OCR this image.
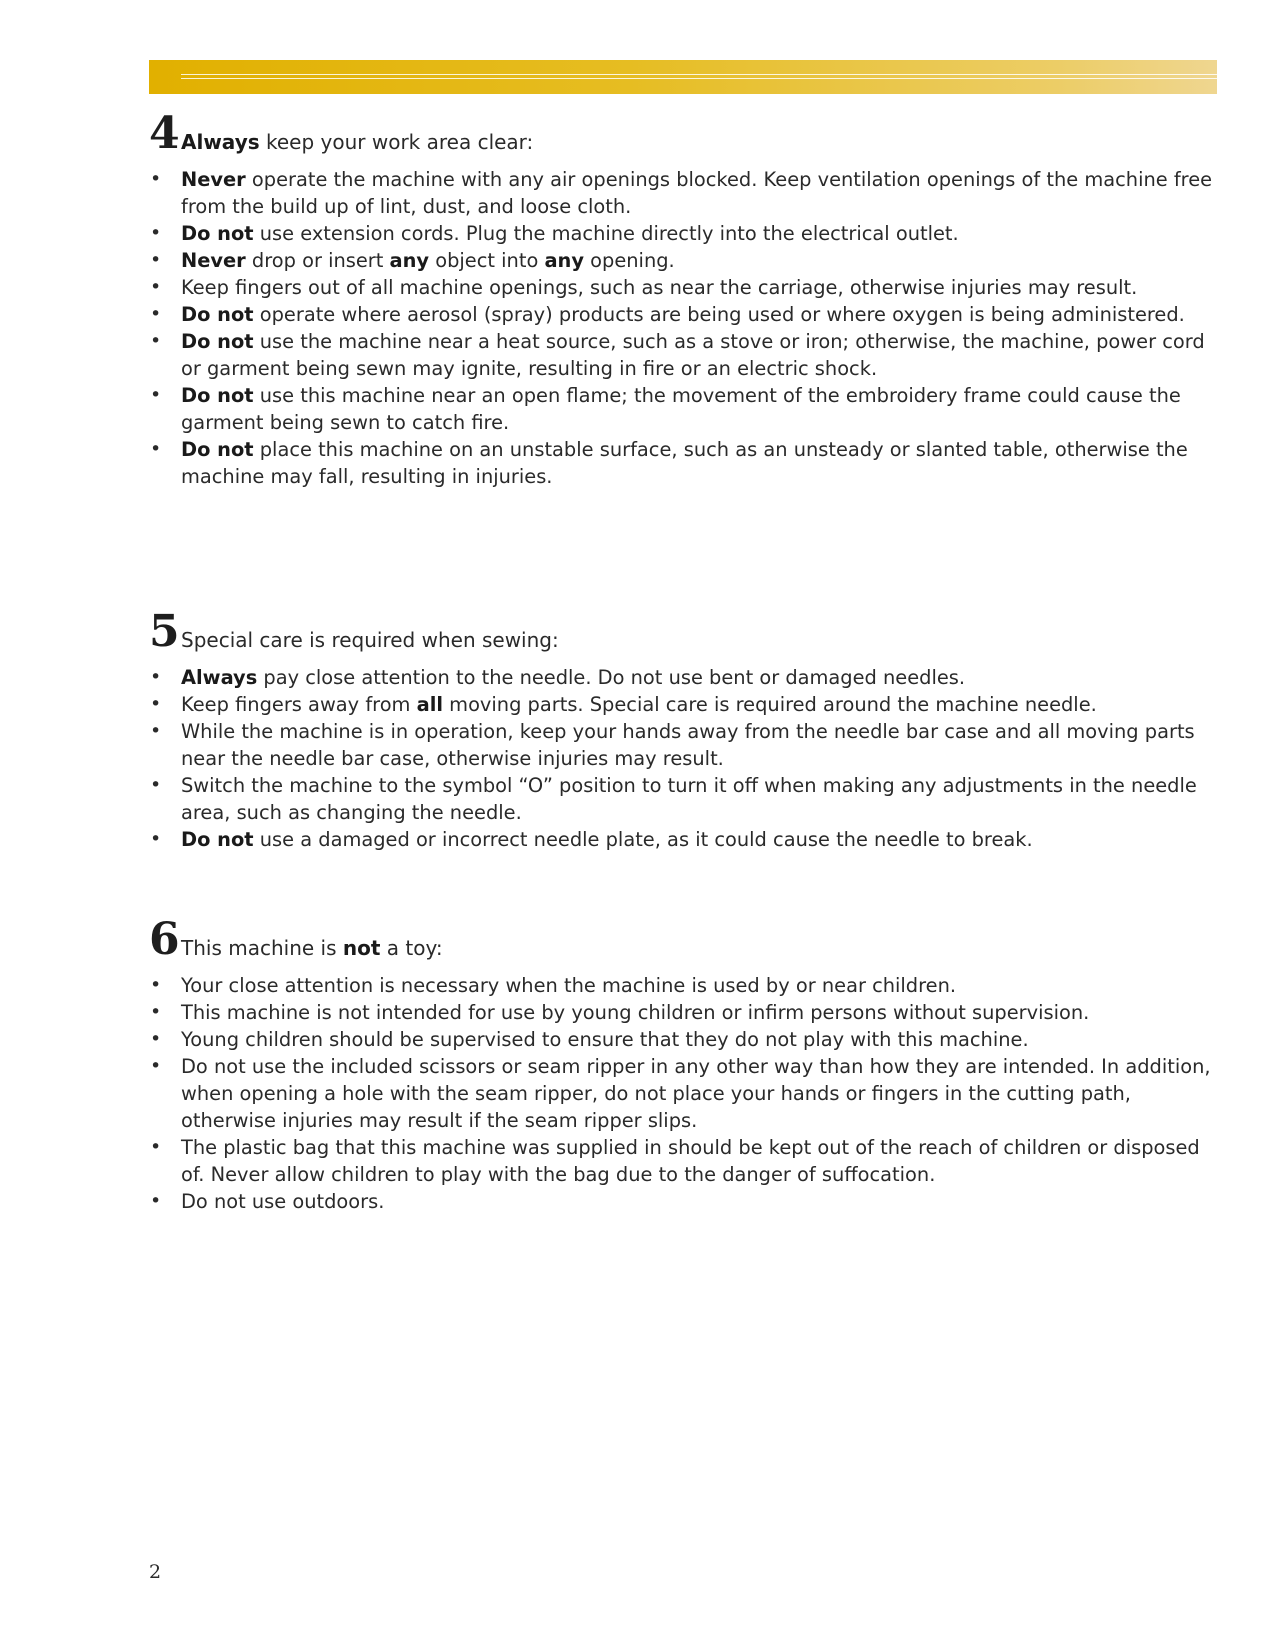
4 Always keep your work area clear:
• Never operate the machine with any air openings blocked. Keep ventilation openings of the machine free from the build up of lint, dust, and loose cloth.
• Do not use extension cords. Plug the machine directly into the electrical outlet.
• Never drop or insert any object into any opening.
• Keep fingers out of all machine openings, such as near the carriage, otherwise injuries may result.
• Do not operate where aerosol (spray) products are being used or where oxygen is being administered.
• Do not use the machine near a heat source, such as a stove or iron; otherwise, the machine, power cord or garment being sewn may ignite, resulting in fire or an electric shock.
• Do not use this machine near an open flame; the movement of the embroidery frame could cause the garment being sewn to catch fire.
• Do not place this machine on an unstable surface, such as an unsteady or slanted table, otherwise the machine may fall, resulting in injuries.
5 Special care is required when sewing:
• Always pay close attention to the needle. Do not use bent or damaged needles.
• Keep fingers away from all moving parts. Special care is required around the machine needle.
• While the machine is in operation, keep your hands away from the needle bar case and all moving parts near the needle bar case, otherwise injuries may result.
• Switch the machine to the symbol “O” position to turn it off when making any adjustments in the needle area, such as changing the needle.
• Do not use a damaged or incorrect needle plate, as it could cause the needle to break.
6 This machine is not a toy:
• Your close attention is necessary when the machine is used by or near children.
• This machine is not intended for use by young children or infirm persons without supervision.
• Young children should be supervised to ensure that they do not play with this machine.
• Do not use the included scissors or seam ripper in any other way than how they are intended. In addition, when opening a hole with the seam ripper, do not place your hands or fingers in the cutting path, otherwise injuries may result if the seam ripper slips.
• The plastic bag that this machine was supplied in should be kept out of the reach of children or disposed of. Never allow children to play with the bag due to the danger of suffocation.
• Do not use outdoors.
2
